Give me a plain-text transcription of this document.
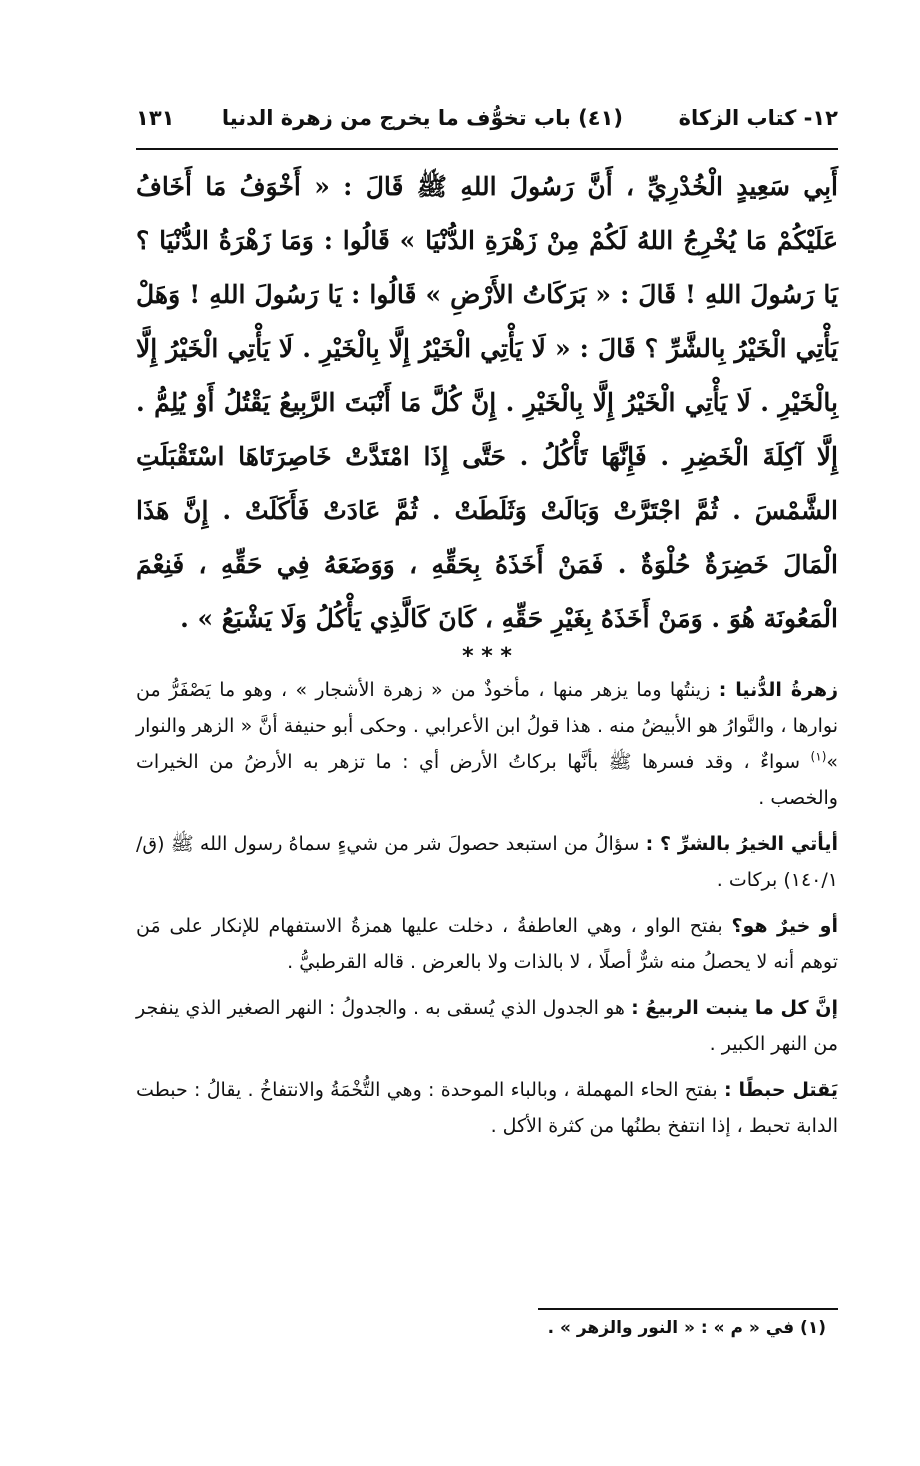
١٢- كتاب الزكاة
(٤١) باب تخوُّف ما يخرج من زهرة الدنيا
١٣١
أَبِي سَعِيدٍ الْخُدْرِيِّ ، أَنَّ رَسُولَ اللهِ ﷺ قَالَ : « أَخْوَفُ مَا أَخَافُ عَلَيْكُمْ مَا يُخْرِجُ اللهُ لَكُمْ مِنْ زَهْرَةِ الدُّنْيَا » قَالُوا : وَمَا زَهْرَةُ الدُّنْيَا ؟ يَا رَسُولَ اللهِ ! قَالَ : « بَرَكَاتُ الأَرْضِ » قَالُوا : يَا رَسُولَ اللهِ ! وَهَلْ يَأْتِي الْخَيْرُ بِالشَّرِّ ؟ قَالَ : « لَا يَأْتِي الْخَيْرُ إِلَّا بِالْخَيْرِ . لَا يَأْتِي الْخَيْرُ إِلَّا بِالْخَيْرِ . لَا يَأْتِي الْخَيْرُ إِلَّا بِالْخَيْرِ . إِنَّ كُلَّ مَا أَنْبَتَ الرَّبِيعُ يَقْتُلُ أَوْ يُلِمُّ . إِلَّا آكِلَةَ الْخَضِرِ . فَإِنَّهَا تَأْكُلُ . حَتَّى إِذَا امْتَدَّتْ خَاصِرَتَاهَا اسْتَقْبَلَتِ الشَّمْسَ . ثُمَّ اجْتَرَّتْ وَبَالَتْ وَثَلَطَتْ . ثُمَّ عَادَتْ فَأَكَلَتْ . إِنَّ هَذَا الْمَالَ خَضِرَةٌ حُلْوَةٌ . فَمَنْ أَخَذَهُ بِحَقِّهِ ، وَوَضَعَهُ فِي حَقِّهِ ، فَنِعْمَ الْمَعُونَة هُوَ . وَمَنْ أَخَذَهُ بِغَيْرِ حَقِّهِ ، كَانَ كَالَّذِي يَأْكُلُ وَلَا يَشْبَعُ » .
* * *

زهرةُ الدُّنيا : زينتُها وما يزهر منها ، مأخوذٌ من « زهرة الأشجار » ، وهو ما يَصْفَرُّ من نوارها ، والنَّوارُ هو الأبيضُ منه . هذا قولُ ابن الأعرابي . وحكى أبو حنيفة أنَّ « الزهر والنوار »$^{(١)}$ سواءٌ ، وقد فسرها ﷺ بأنَّها بركاتُ الأرض أي : ما تزهر به الأرضُ من الخيرات والخصب .

أيأتي الخيرُ بالشرِّ ؟ : سؤالُ من استبعد حصولَ شر من شيءٍ سماهُ رسول الله ﷺ (ق/١٤٠/١) بركات .

أو خيرٌ هو؟ بفتح الواو ، وهي العاطفةُ ، دخلت عليها همزةُ الاستفهام للإنكار على مَن توهم أنه لا يحصلُ منه شرٌّ أصلًا ، لا بالذات ولا بالعرض . قاله القرطبيُّ .

إنَّ كل ما ينبت الربيعُ : هو الجدول الذي يُسقى به . والجدولُ : النهر الصغير الذي ينفجر من النهر الكبير .

يَقتل حبطًا : بفتح الحاء المهملة ، وبالباء الموحدة : وهي التُّخْمَةُ والانتفاخُ . يقالُ : حبطت الدابة تحبط ، إذا انتفخ بطنُها من كثرة الأكل .

(١) في « م » : « النور والزهر » .
